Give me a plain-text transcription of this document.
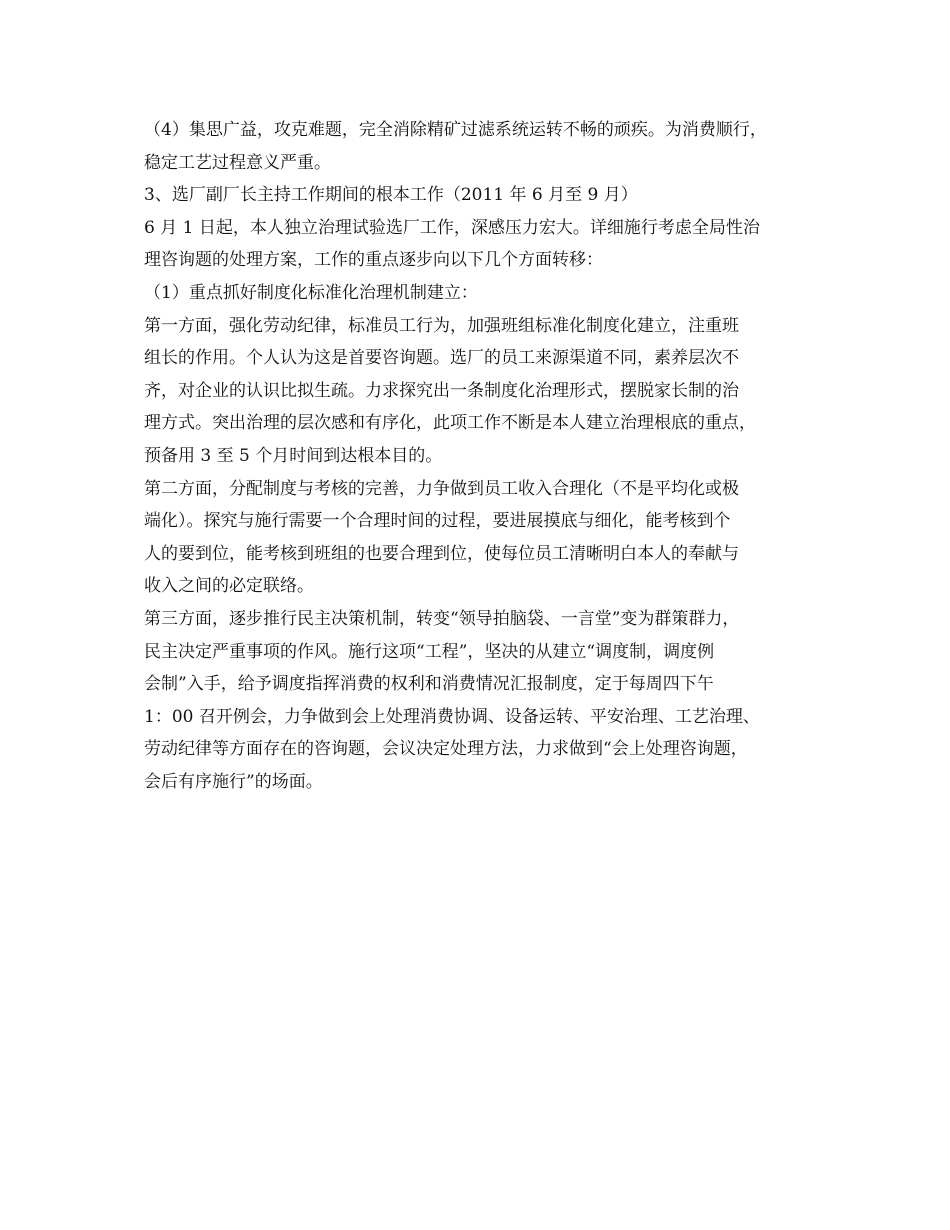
（4）集思广益，攻克难题，完全消除精矿过滤系统运转不畅的顽疾。为消费顺行，
稳定工艺过程意义严重。
3、选厂副厂长主持工作期间的根本工作（2011 年 6 月至 9 月）
6 月 1 日起，本人独立治理试验选厂工作，深感压力宏大。详细施行考虑全局性治
理咨询题的处理方案，工作的重点逐步向以下几个方面转移：
（1）重点抓好制度化标准化治理机制建立：
第一方面，强化劳动纪律，标准员工行为，加强班组标准化制度化建立，注重班
组长的作用。个人认为这是首要咨询题。选厂的员工来源渠道不同，素养层次不
齐，对企业的认识比拟生疏。力求探究出一条制度化治理形式，摆脱家长制的治
理方式。突出治理的层次感和有序化，此项工作不断是本人建立治理根底的重点，
预备用 3 至 5 个月时间到达根本目的。
第二方面，分配制度与考核的完善，力争做到员工收入合理化（不是平均化或极
端化）。探究与施行需要一个合理时间的过程，要进展摸底与细化，能考核到个
人的要到位，能考核到班组的也要合理到位，使每位员工清晰明白本人的奉献与
收入之间的必定联络。
第三方面，逐步推行民主决策机制，转变“领导拍脑袋、一言堂”变为群策群力，
民主决定严重事项的作风。施行这项“工程”，坚决的从建立“调度制，调度例
会制”入手，给予调度指挥消费的权利和消费情况汇报制度，定于每周四下午
1：00 召开例会，力争做到会上处理消费协调、设备运转、平安治理、工艺治理、
劳动纪律等方面存在的咨询题，会议决定处理方法，力求做到“会上处理咨询题，
会后有序施行”的场面。
